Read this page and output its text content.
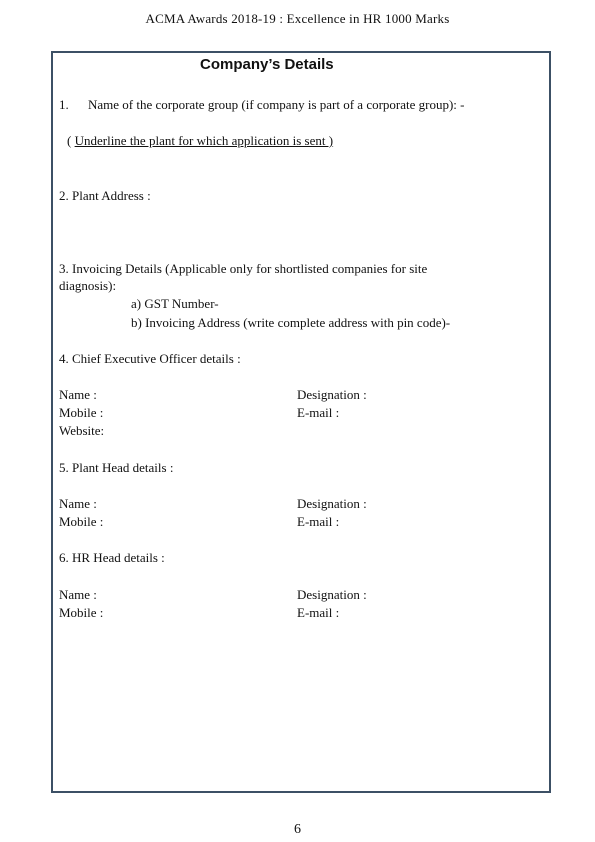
ACMA Awards 2018-19 : Excellence in HR 1000 Marks
Company’s Details
1. Name of the corporate group (if company is part of a corporate group): -
( Underline the plant for which application is sent )
2. Plant Address :
3. Invoicing Details (Applicable only for shortlisted companies for site
diagnosis):
a) GST Number-
b) Invoicing Address (write complete address with pin code)-
4. Chief Executive Officer details :
Name :	Designation :
Mobile :	E-mail :
Website:
5. Plant Head details :
Name :	Designation :
Mobile :	E-mail :
6. HR Head details :
Name :	Designation :
Mobile :	E-mail :
6
